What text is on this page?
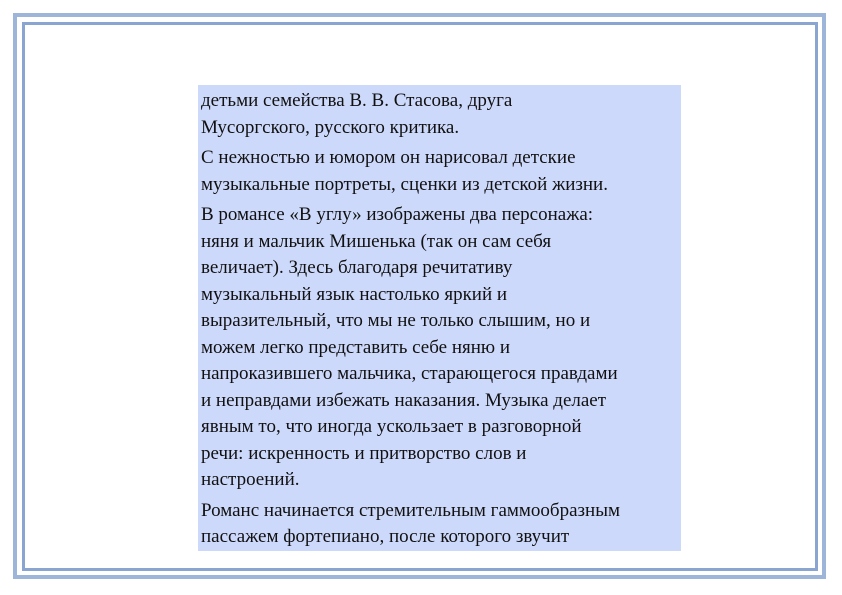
детьми семейства В. В. Стасова, друга
Мусоргского, русского критика.

С нежностью и юмором он нарисовал детские
музыкальные портреты, сценки из детской жизни.

В романсе «В углу» изображены два персонажа:
няня и мальчик Мишенька (так он сам себя
величает). Здесь благодаря речитативу
музыкальный язык настолько яркий и
выразительный, что мы не только слышим, но и
можем легко представить себе няню и
напроказившего мальчика, старающегося правдами
и неправдами избежать наказания. Музыка делает
явным то, что иногда ускользает в разговорной
речи: искренность и притворство слов и
настроений.

Романс начинается стремительным гаммообразным
пассажем фортепиано, после которого звучит
